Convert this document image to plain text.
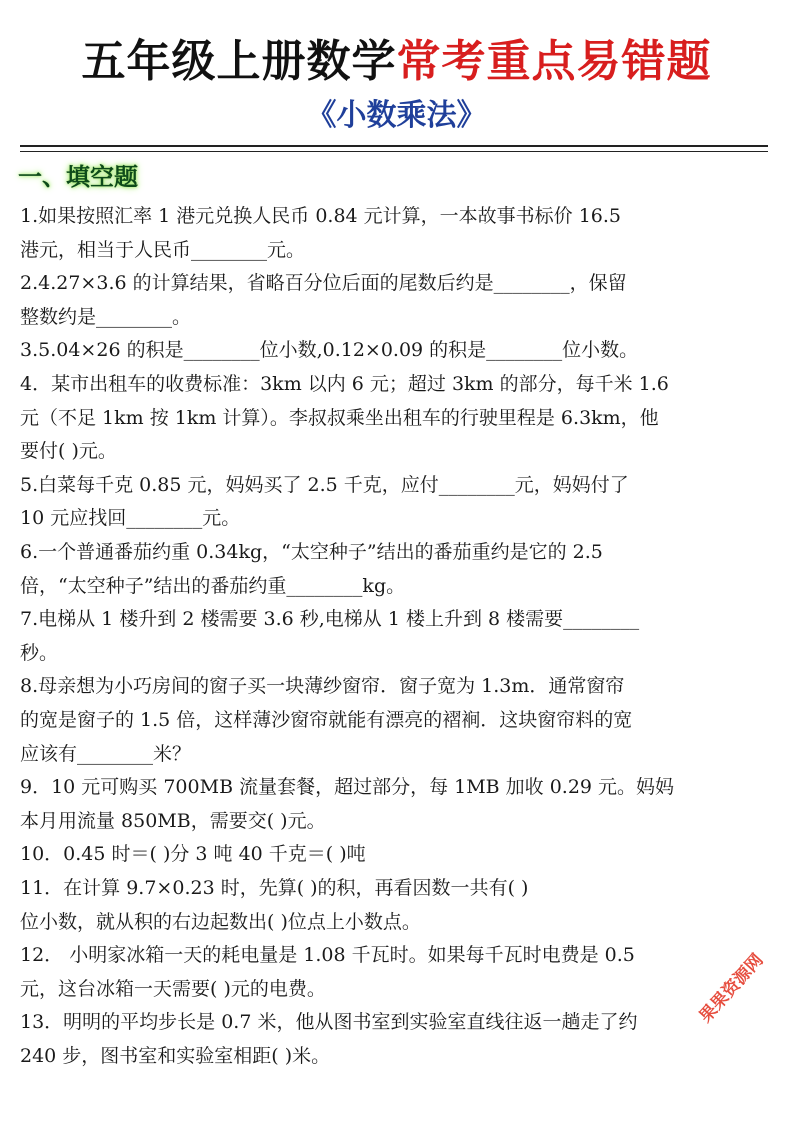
五年级上册数学常考重点易错题
《小数乘法》
一、填空题
1.如果按照汇率 1 港元兑换人民币 0.84 元计算，一本故事书标价 16.5
港元，相当于人民币________元。
2.4.27×3.6 的计算结果，省略百分位后面的尾数后约是________，保留
整数约是________。
3.5.04×26 的积是________位小数,0.12×0.09 的积是________位小数。
4．某市出租车的收费标准：3km 以内 6 元；超过 3km 的部分，每千米 1.6
元（不足 1km 按 1km 计算）。李叔叔乘坐出租车的行驶里程是 6.3km，他
要付( )元。
5.白菜每千克 0.85 元，妈妈买了 2.5 千克，应付________元，妈妈付了
10 元应找回________元。
6.一个普通番茄约重 0.34kg，“太空种子”结出的番茄重约是它的 2.5
倍，“太空种子”结出的番茄约重________kg。
7.电梯从 1 楼升到 2 楼需要 3.6 秒,电梯从 1 楼上升到 8 楼需要________
秒。
8.母亲想为小巧房间的窗子买一块薄纱窗帘．窗子宽为 1.3m．通常窗帘
的宽是窗子的 1.5 倍，这样薄沙窗帘就能有漂亮的褶裥．这块窗帘料的宽
应该有________米？
9．10 元可购买 700MB 流量套餐，超过部分，每 1MB 加收 0.29 元。妈妈
本月用流量 850MB，需要交( )元。
10．0.45 时＝( )分 3 吨 40 千克＝( )吨
11．在计算 9.7×0.23 时，先算( )的积，再看因数一共有( )
位小数，就从积的右边起数出( )位点上小数点。
12． 小明家冰箱一天的耗电量是 1.08 千瓦时。如果每千瓦时电费是 0.5
元，这台冰箱一天需要( )元的电费。
13．明明的平均步长是 0.7 米，他从图书室到实验室直线往返一趟走了约
240 步，图书室和实验室相距( )米。
果果资源网
